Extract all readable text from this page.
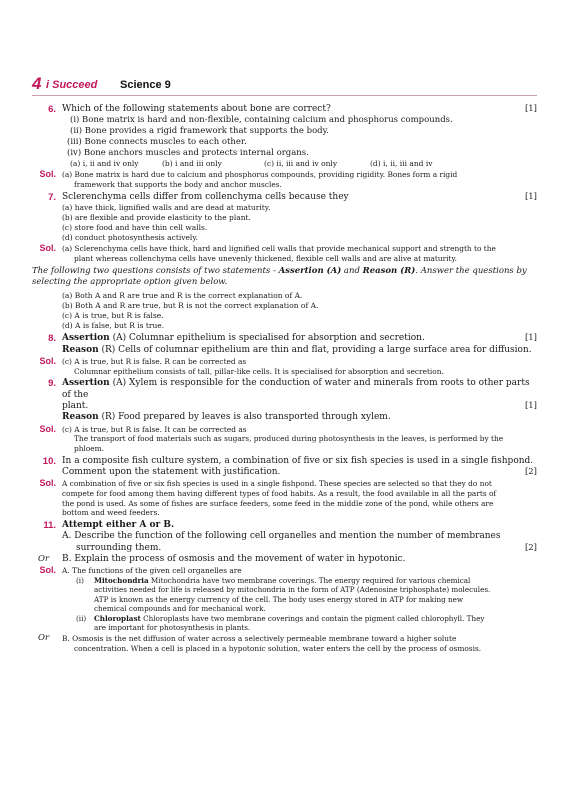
4 i Succeed Science 9
6. Which of the following statements about bone are correct?	[1]
(i) Bone matrix is hard and non-flexible, containing calcium and phosphorus compounds.
(ii) Bone provides a rigid framework that supports the body.
(iii) Bone connects muscles to each other.
(iv) Bone anchors muscles and protects internal organs.
(a) i, ii and iv only	(b) i and iii only	(c) ii, iii and iv only	(d) i, ii, iii and iv
Sol. (a) Bone matrix is hard due to calcium and phosphorus compounds, providing rigidity. Bones form a rigid
framework that supports the body and anchor muscles.
7. Sclerenchyma cells differ from collenchyma cells because they	[1]
(a) have thick, lignified walls and are dead at maturity.
(b) are flexible and provide elasticity to the plant.
(c) store food and have thin cell walls.
(d) conduct photosynthesis actively.
Sol. (a) Sclerenchyma cells have thick, hard and lignified cell walls that provide mechanical support and strength to the
plant whereas collenchyma cells have unevenly thickened, flexible cell walls and are alive at maturity.
The following two questions consists of two statements - Assertion (A) and Reason (R). Answer the questions by
selecting the appropriate option given below.
(a) Both A and R are true and R is the correct explanation of A.
(b) Both A and R are true, but R is not the correct explanation of A.
(c) A is true, but R is false.
(d) A is false, but R is true.
8. Assertion (A) Columnar epithelium is specialised for absorption and secretion.	[1]
Reason (R) Cells of columnar epithelium are thin and flat, providing a large surface area for diffusion.
Sol. (c) A is true, but R is false. R can be corrected as
Columnar epithelium consists of tall, pillar-like cells. It is specialised for absorption and secretion.
9. Assertion (A) Xylem is responsible for the conduction of water and minerals from roots to other parts of the
plant.	[1]
Reason (R) Food prepared by leaves is also transported through xylem.
Sol. (c) A is true, but R is false. It can be corrected as
The transport of food materials such as sugars, produced during photosynthesis in the leaves, is performed by the
phloem.
10. In a composite fish culture system, a combination of five or six fish species is used in a single fishpond.
Comment upon the statement with justification.	[2]
Sol. A combination of five or six fish species is used in a single fishpond. These species are selected so that they do not
compete for food among them having different types of food habits. As a result, the food available in all the parts of
the pond is used. As some of fishes are surface feeders, some feed in the middle zone of the pond, while others are
bottom and weed feeders.
11. Attempt either A or B.
A. Describe the function of the following cell organelles and mention the number of membranes
surrounding them.	[2]
Or B. Explain the process of osmosis and the movement of water in hypotonic.
Sol. A. The functions of the given cell organelles are
(i) Mitochondria Mitochondria have two membrane coverings. The energy required for various chemical
activities needed for life is released by mitochondria in the form of ATP (Adenosine triphosphate) molecules.
ATP is known as the energy currency of the cell. The body uses energy stored in ATP for making new
chemical compounds and for mechanical work.
(ii) Chloroplast Chloroplasts have two membrane coverings and contain the pigment called chlorophyll. They
are important for photosynthesis in plants.
Or B. Osmosis is the net diffusion of water across a selectively permeable membrane toward a higher solute
concentration. When a cell is placed in a hypotonic solution, water enters the cell by the process of osmosis.
